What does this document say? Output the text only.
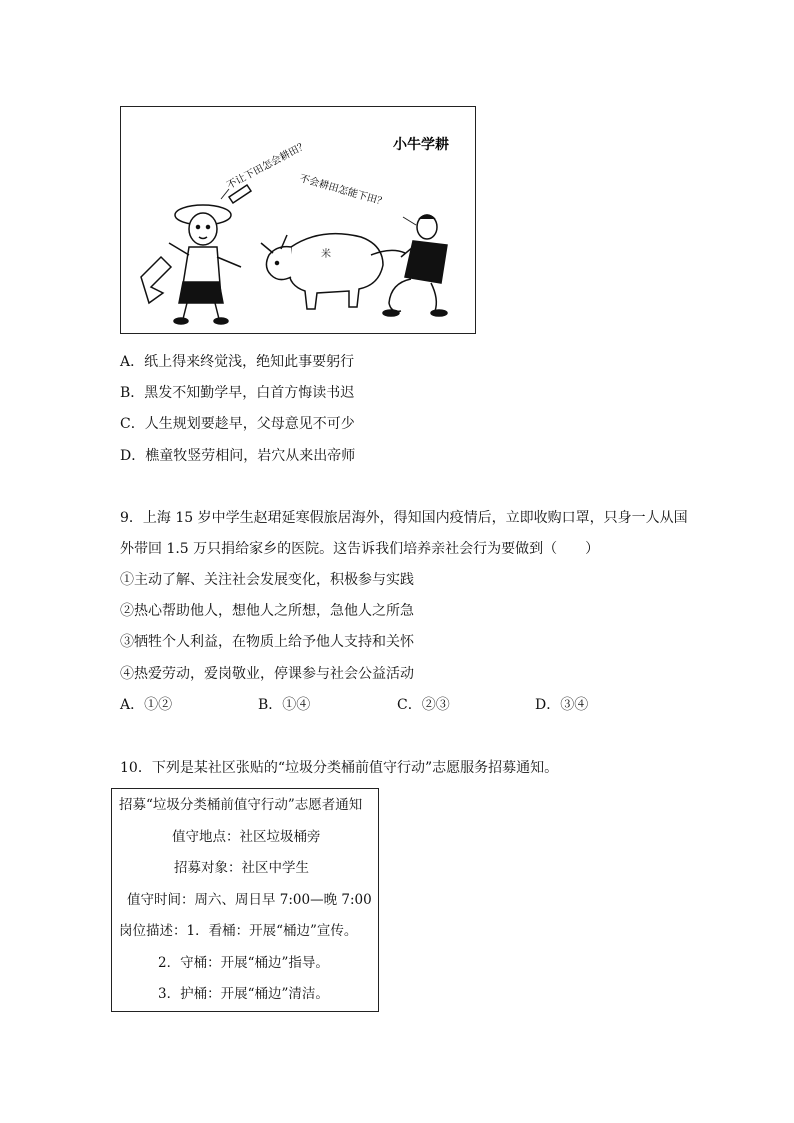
小牛学耕
不让下田怎会耕田？
不会耕田怎能下田？
米
A．纸上得来终觉浅，绝知此事要躬行
B．黑发不知勤学早，白首方悔读书迟
C．人生规划要趁早，父母意见不可少
D．樵童牧竖劳相问，岩穴从来出帝师
9．上海 15 岁中学生赵珺延寒假旅居海外，得知国内疫情后，立即收购口罩，只身一人从国
外带回 1.5 万只捐给家乡的医院。这告诉我们培养亲社会行为要做到（　　）
①主动了解、关注社会发展变化，积极参与实践
②热心帮助他人，想他人之所想，急他人之所急
③牺牲个人利益，在物质上给予他人支持和关怀
④热爱劳动，爱岗敬业，停课参与社会公益活动
A．①②	B．①④	C．②③	D．③④
10．下列是某社区张贴的“垃圾分类桶前值守行动”志愿服务招募通知。
招募“垃圾分类桶前值守行动”志愿者通知
值守地点：社区垃圾桶旁
招募对象：社区中学生
值守时间：周六、周日早 7:00—晚 7:00
岗位描述：1．看桶：开展“桶边”宣传。
2．守桶：开展“桶边”指导。
3．护桶：开展“桶边”清洁。
